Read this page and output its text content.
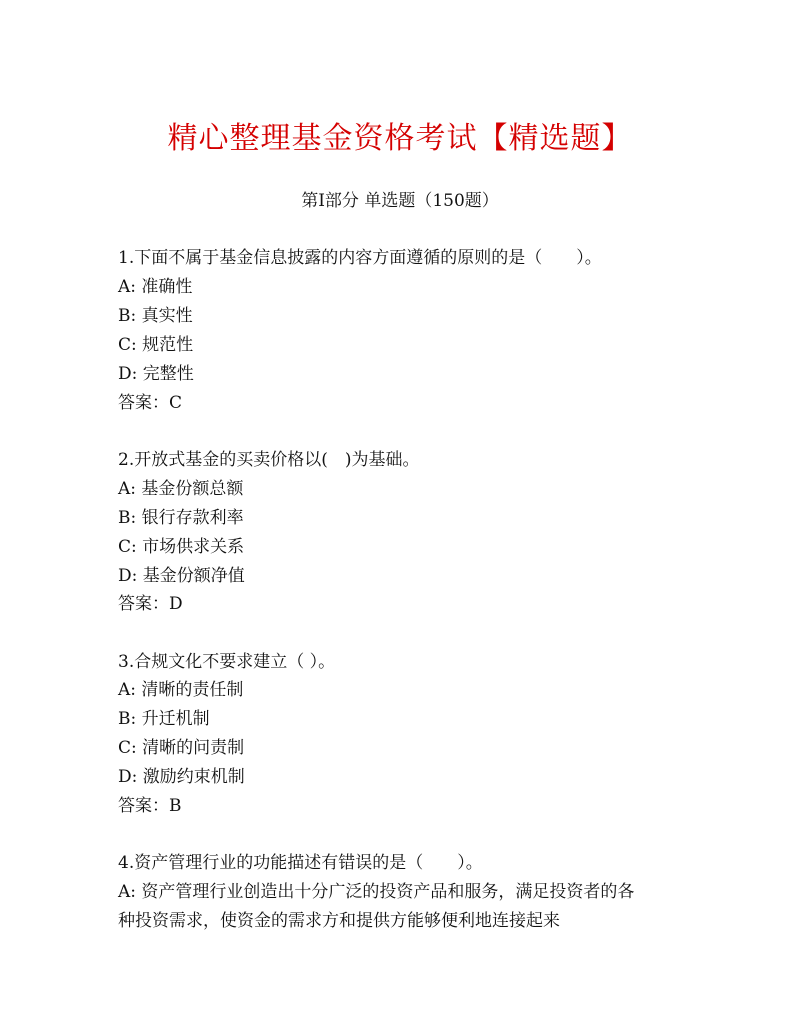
精心整理基金资格考试【精选题】
第I部分 单选题（150题）
1.下面不属于基金信息披露的内容方面遵循的原则的是（　　）。
A: 准确性
B: 真实性
C: 规范性
D: 完整性
答案：C
2.开放式基金的买卖价格以(　)为基础。
A: 基金份额总额
B: 银行存款利率
C: 市场供求关系
D: 基金份额净值
答案：D
3.合规文化不要求建立（ ）。
A: 清晰的责任制
B: 升迁机制
C: 清晰的问责制
D: 激励约束机制
答案：B
4.资产管理行业的功能描述有错误的是（　　）。
A: 资产管理行业创造出十分广泛的投资产品和服务，满足投资者的各
种投资需求，使资金的需求方和提供方能够便利地连接起来
